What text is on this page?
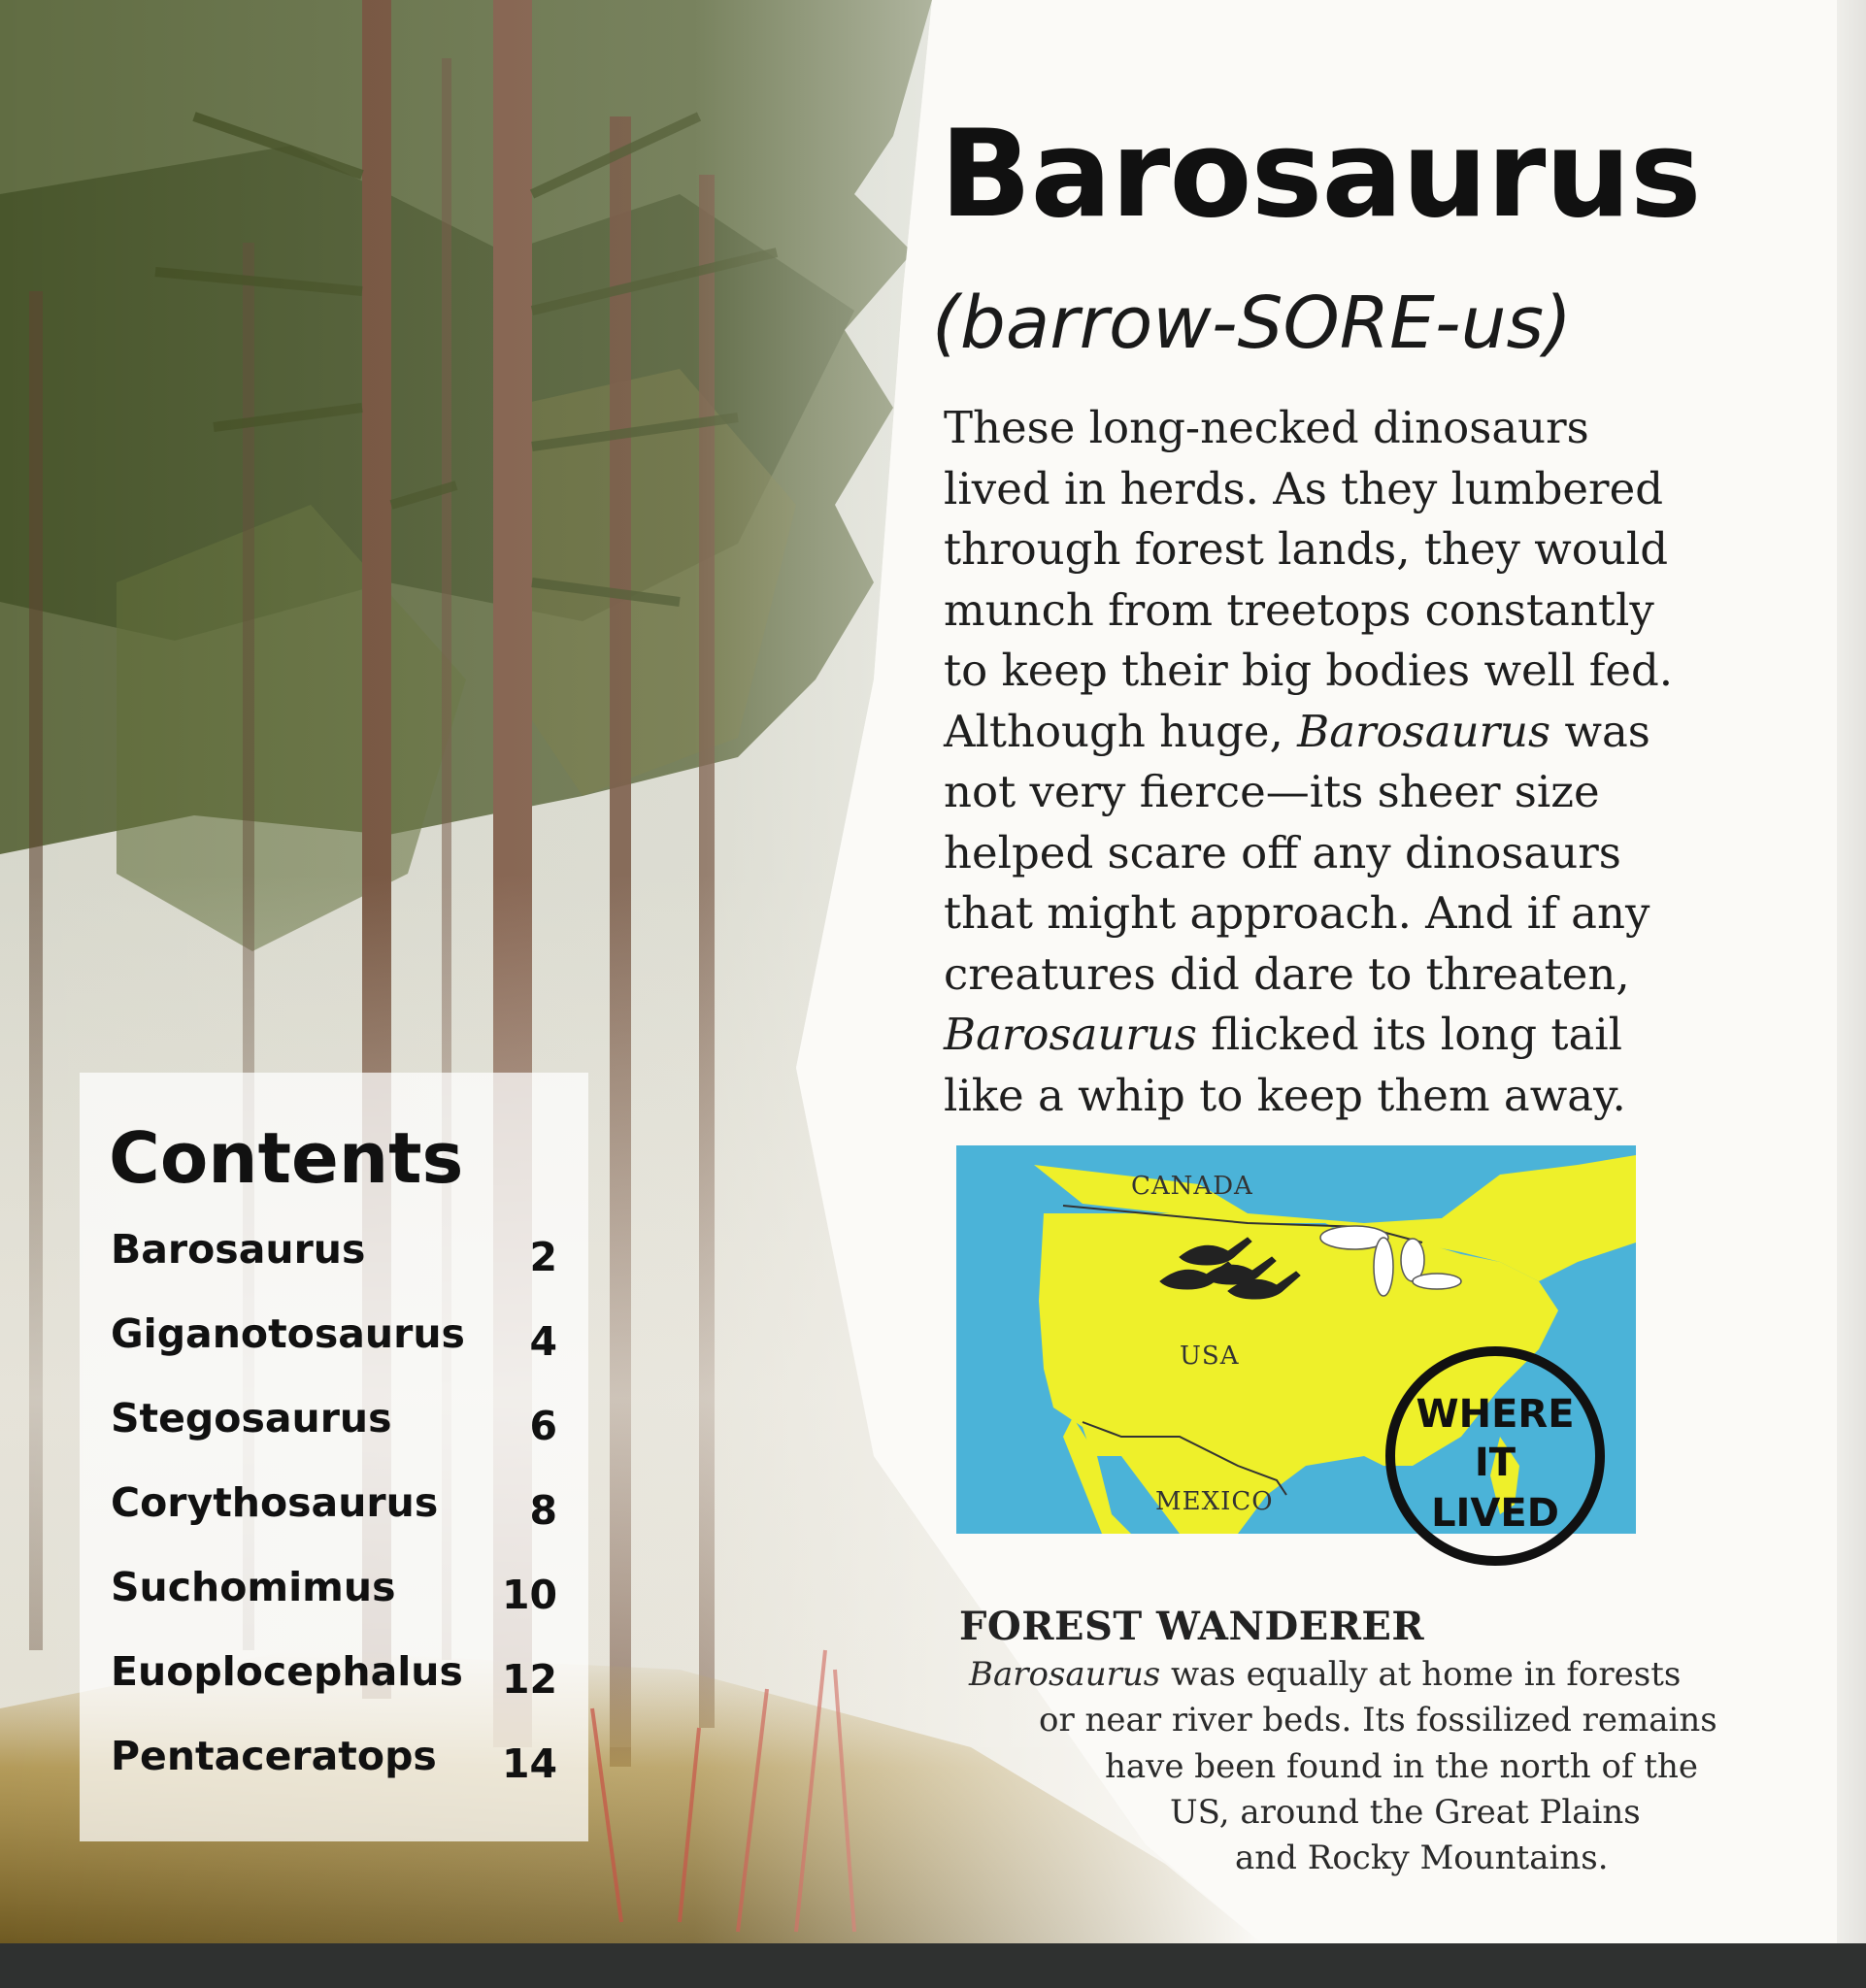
Barosaurus

(barrow-SORE-us)

These long-necked dinosaurs
lived in herds. As they lumbered
through forest lands, they would
munch from treetops constantly
to keep their big bodies well fed.
Although huge, Barosaurus was
not very fierce—its sheer size
helped scare off any dinosaurs
that might approach. And if any
creatures did dare to threaten,
Barosaurus flicked its long tail
like a whip to keep them away.
CANADA
USA
MEXICO
WHERE
IT
LIVED
FOREST WANDERER
Barosaurus was equally at home in forests
or near river beds. Its fossilized remains
have been found in the north of the
US, around the Great Plains
and Rocky Mountains.
Contents
Barosaurus	2
Giganotosaurus 4
Stegosaurus	6
Corythosaurus 8
Suchomimus	10
Euoplocephalus 12
Pentaceratops 14
